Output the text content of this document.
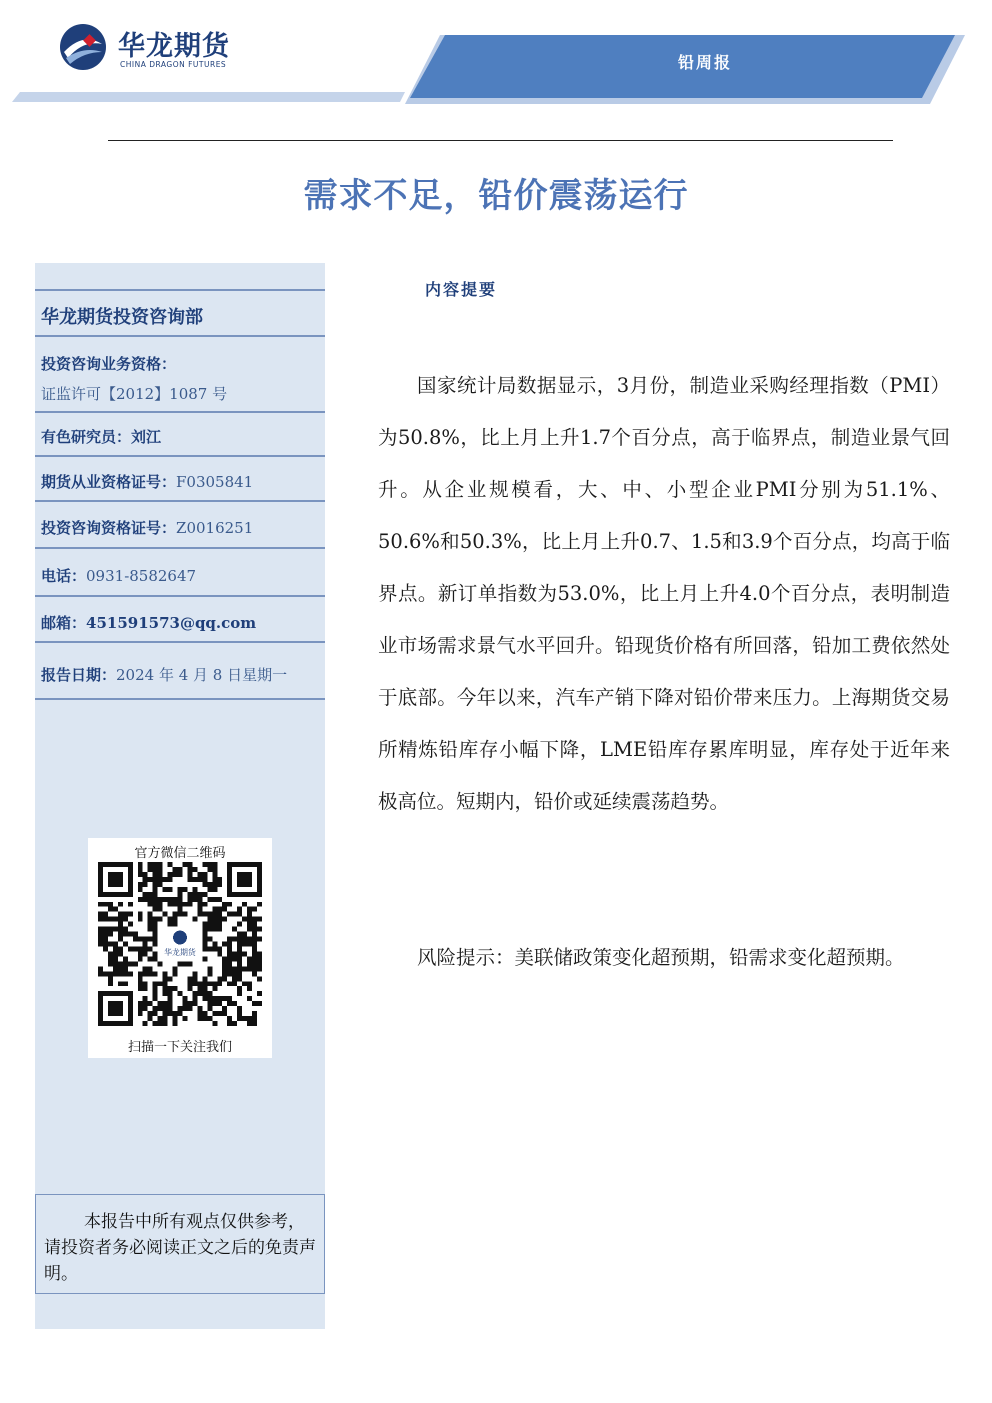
华龙期货
CHINA DRAGON FUTURES	铅周报
需求不足，铅价震荡运行
华龙期货投资咨询部
投资咨询业务资格：
证监许可【2012】1087 号
有色研究员：刘江
期货从业资格证号：F0305841
投资咨询资格证号：Z0016251
电话：0931-8582647
邮箱：451591573@qq.com
报告日期：2024 年 4 月 8 日星期一
官方微信二维码
华龙期货
扫描一下关注我们
本报告中所有观点仅供参考，请投资者务必阅读正文之后的免责声明。
内容提要

国家统计局数据显示，3月份，制造业采购经理指数（PMI）为50.8%，比上月上升1.7个百分点，高于临界点，制造业景气回升。从企业规模看，大、中、小型企业PMI分别为51.1%、50.6%和50.3%，比上月上升0.7、1.5和3.9个百分点，均高于临界点。新订单指数为53.0%，比上月上升4.0个百分点，表明制造业市场需求景气水平回升。铅现货价格有所回落，铅加工费依然处于底部。今年以来，汽车产销下降对铅价带来压力。上海期货交易所精炼铅库存小幅下降，LME铅库存累库明显，库存处于近年来极高位。短期内，铅价或延续震荡趋势。

风险提示：美联储政策变化超预期，铅需求变化超预期。
